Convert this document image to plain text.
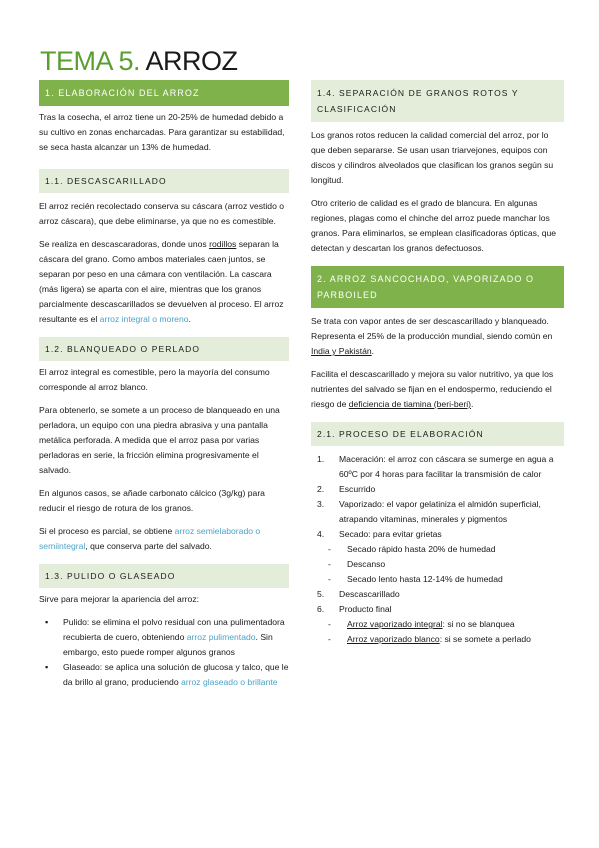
TEMA 5. ARROZ
1. ELABORACIÓN DEL ARROZ

Tras la cosecha, el arroz tiene un 20-25% de humedad debido a su cultivo en zonas encharcadas. Para garantizar su estabilidad, se seca hasta alcanzar un 13% de humedad.

1.1. DESCASCARILLADO

El arroz recién recolectado conserva su cáscara (arroz vestido o arroz cáscara), que debe eliminarse, ya que no es comestible.

Se realiza en descascaradoras, donde unos rodillos separan la cáscara del grano. Como ambos materiales caen juntos, se separan por peso en una cámara con ventilación. La cascara (más ligera) se aparta con el aire, mientras que los granos parcialmente descascarillados se devuelven al proceso. El arroz resultante es el arroz integral o moreno.

1.2. BLANQUEADO O PERLADO

El arroz integral es comestible, pero la mayoría del consumo corresponde al arroz blanco.

Para obtenerlo, se somete a un proceso de blanqueado en una perladora, un equipo con una piedra abrasiva y una pantalla metálica perforada. A medida que el arroz pasa por varias perladoras en serie, la fricción elimina progresivamente el salvado.

En algunos casos, se añade carbonato cálcico (3g/kg) para reducir el riesgo de rotura de los granos.

Si el proceso es parcial, se obtiene arroz semielaborado o semiintegral, que conserva parte del salvado.

1.3. PULIDO O GLASEADO

Sirve para mejorar la apariencia del arroz:

▪ Pulido: se elimina el polvo residual con una pulimentadora recubierta de cuero, obteniendo arroz pulimentado. Sin embargo, esto puede romper algunos granos
▪ Glaseado: se aplica una solución de glucosa y talco, que le da brillo al grano, produciendo arroz glaseado o brillante
1.4. SEPARACIÓN DE GRANOS ROTOS Y CLASIFICACIÓN

Los granos rotos reducen la calidad comercial del arroz, por lo que deben separarse. Se usan usan triarvejones, equipos con discos y cilindros alveolados que clasifican los granos según su longitud.

Otro criterio de calidad es el grado de blancura. En algunas regiones, plagas como el chinche del arroz puede manchar los granos. Para eliminarlos, se emplean clasificadoras ópticas, que detectan y descartan los granos defectuosos.

2. ARROZ SANCOCHADO, VAPORIZADO O PARBOILED

Se trata con vapor antes de ser descascarillado y blanqueado. Representa el 25% de la producción mundial, siendo común en India y Pakistán.

Facilita el descascarillado y mejora su valor nutritivo, ya que los nutrientes del salvado se fijan en el endospermo, reduciendo el riesgo de deficiencia de tiamina (beri-beri).

2.1. PROCESO DE ELABORACIÓN
1. Maceración: el arroz con cáscara se sumerge en agua a 60ºC por 4 horas para facilitar la transmisión de calor
2. Escurrido
3. Vaporizado: el vapor gelatiniza el almidón superficial, atrapando vitaminas, minerales y pigmentos
4. Secado: para evitar grietas
- Secado rápido hasta 20% de humedad
- Descanso
- Secado lento hasta 12-14% de humedad
5. Descascarillado
6. Producto final
- Arroz vaporizado integral: si no se blanquea
- Arroz vaporizado blanco: si se somete a perlado
